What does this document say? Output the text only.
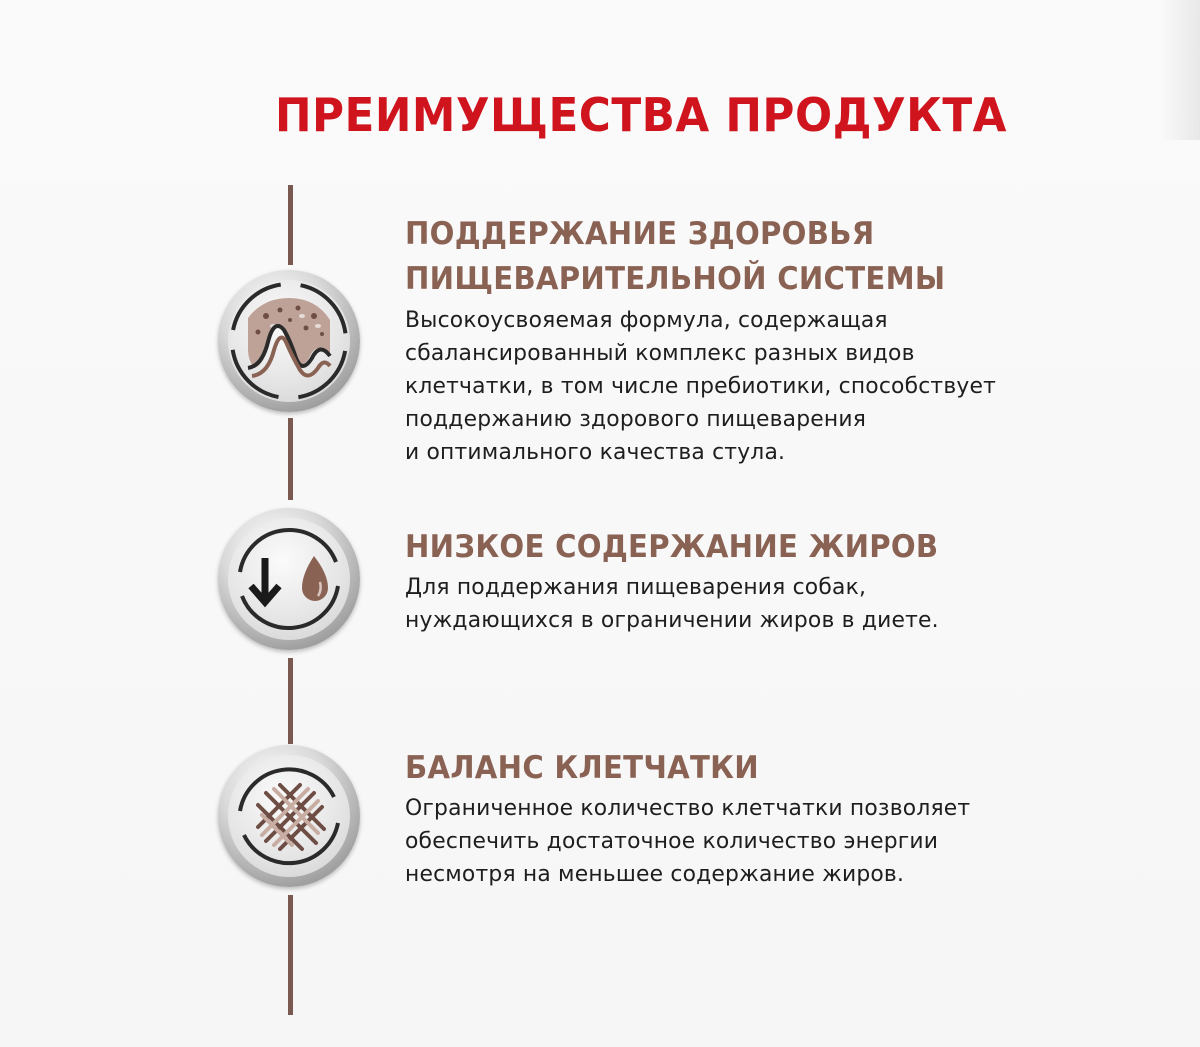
ПРЕИМУЩЕСТВА ПРОДУКТА
ПОДДЕРЖАНИЕ ЗДОРОВЬЯ
ПИЩЕВАРИТЕЛЬНОЙ СИСТЕМЫ
Высокоусвояемая формула, содержащая
сбалансированный комплекс разных видов
клетчатки, в том числе пребиотики, способствует
поддержанию здорового пищеварения
и оптимального качества стула.
НИЗКОЕ СОДЕРЖАНИЕ ЖИРОВ
Для поддержания пищеварения собак,
нуждающихся в ограничении жиров в диете.
БАЛАНС КЛЕТЧАТКИ
Ограниченное количество клетчатки позволяет
обеспечить достаточное количество энергии
несмотря на меньшее содержание жиров.
